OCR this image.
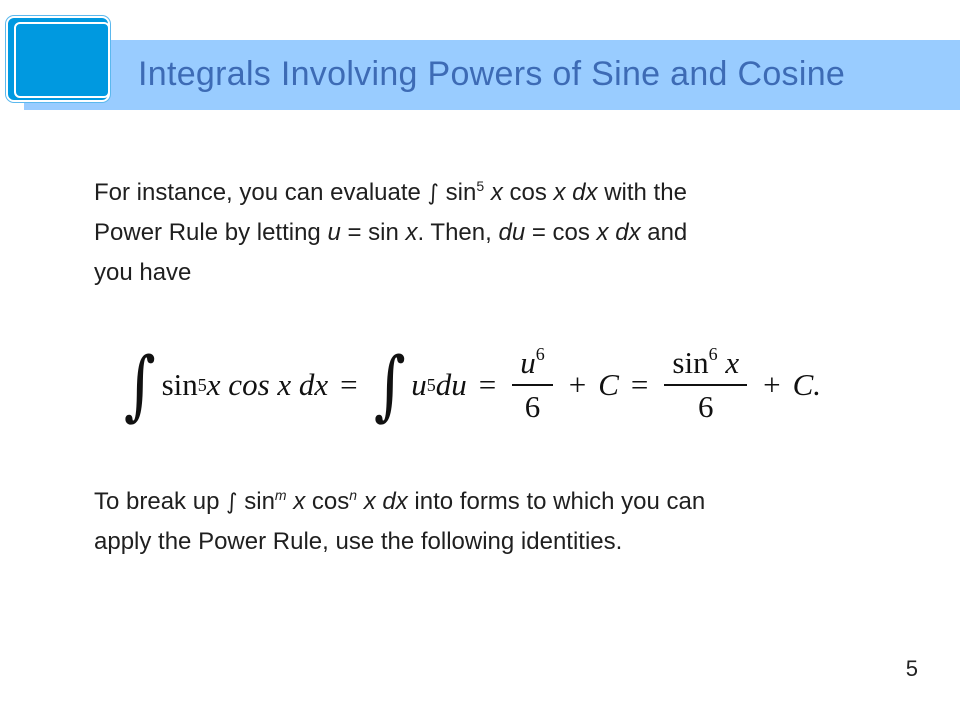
Integrals Involving Powers of Sine and Cosine
For instance, you can evaluate ∫ $\sin^5 x$ cos x dx with the
Power Rule by letting u = sin x. Then, du = cos x dx and
you have
∫ sin 5 x cos x dx = ∫ u 5 du = $\frac{u^6}{6} + C = \frac{\sin^6 x}{6} + C$.
To break up ∫ $\sin^m x$ $\cos^n x$ dx into forms to which you can
apply the Power Rule, use the following identities.
5
